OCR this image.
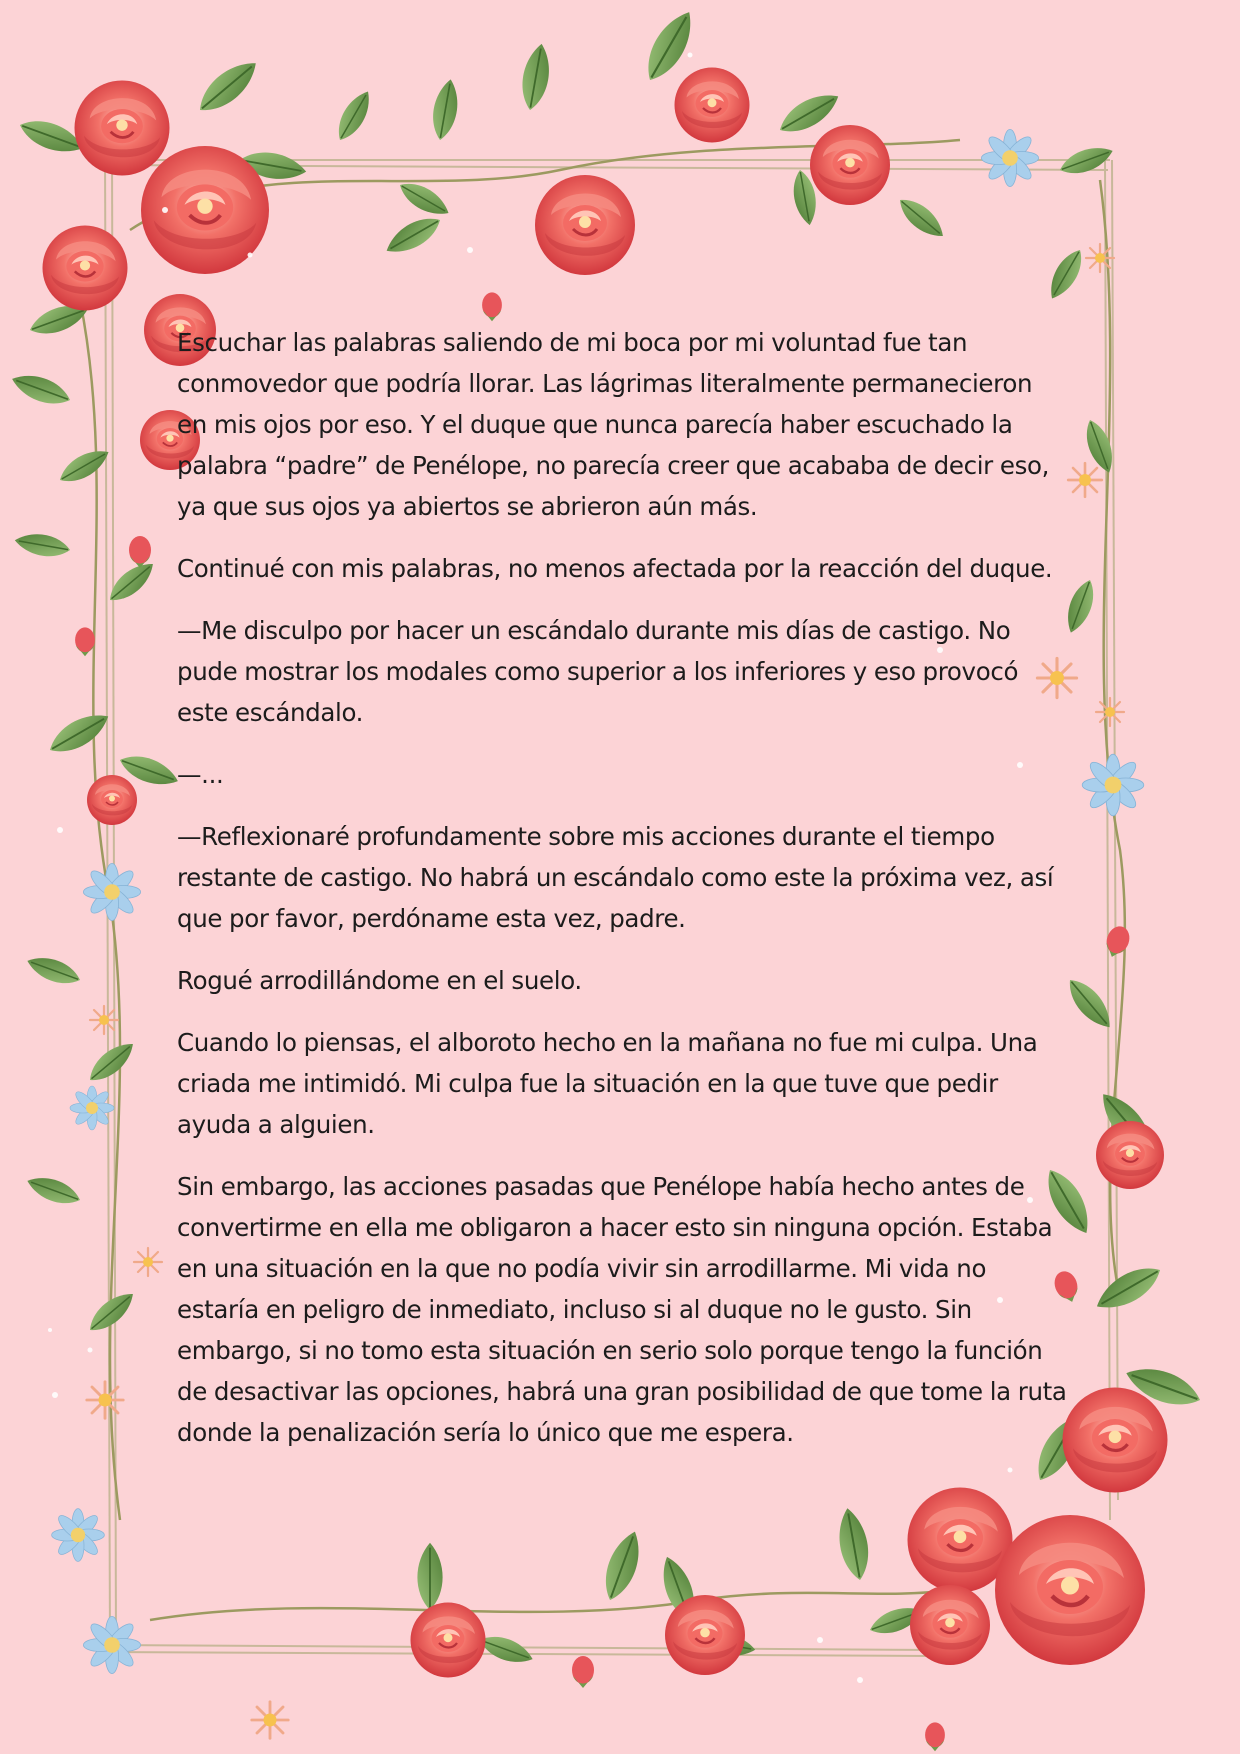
Escuchar las palabras saliendo de mi boca por mi voluntad fue tan conmovedor que podría llorar. Las lágrimas literalmente permanecieron en mis ojos por eso. Y el duque que nunca parecía haber escuchado la palabra “padre” de Penélope, no parecía creer que acababa de decir eso, ya que sus ojos ya abiertos se abrieron aún más.

Continué con mis palabras, no menos afectada por la reacción del duque.

—Me disculpo por hacer un escándalo durante mis días de castigo. No pude mostrar los modales como superior a los inferiores y eso provocó este escándalo.

—...

—Reflexionaré profundamente sobre mis acciones durante el tiempo restante de castigo. No habrá un escándalo como este la próxima vez, así que por favor, perdóname esta vez, padre.

Rogué arrodillándome en el suelo.

Cuando lo piensas, el alboroto hecho en la mañana no fue mi culpa. Una criada me intimidó. Mi culpa fue la situación en la que tuve que pedir ayuda a alguien.

Sin embargo, las acciones pasadas que Penélope había hecho antes de convertirme en ella me obligaron a hacer esto sin ninguna opción. Estaba en una situación en la que no podía vivir sin arrodillarme. Mi vida no estaría en peligro de inmediato, incluso si al duque no le gusto. Sin embargo, si no tomo esta situación en serio solo porque tengo la función de desactivar las opciones, habrá una gran posibilidad de que tome la ruta donde la penalización sería lo único que me espera.
